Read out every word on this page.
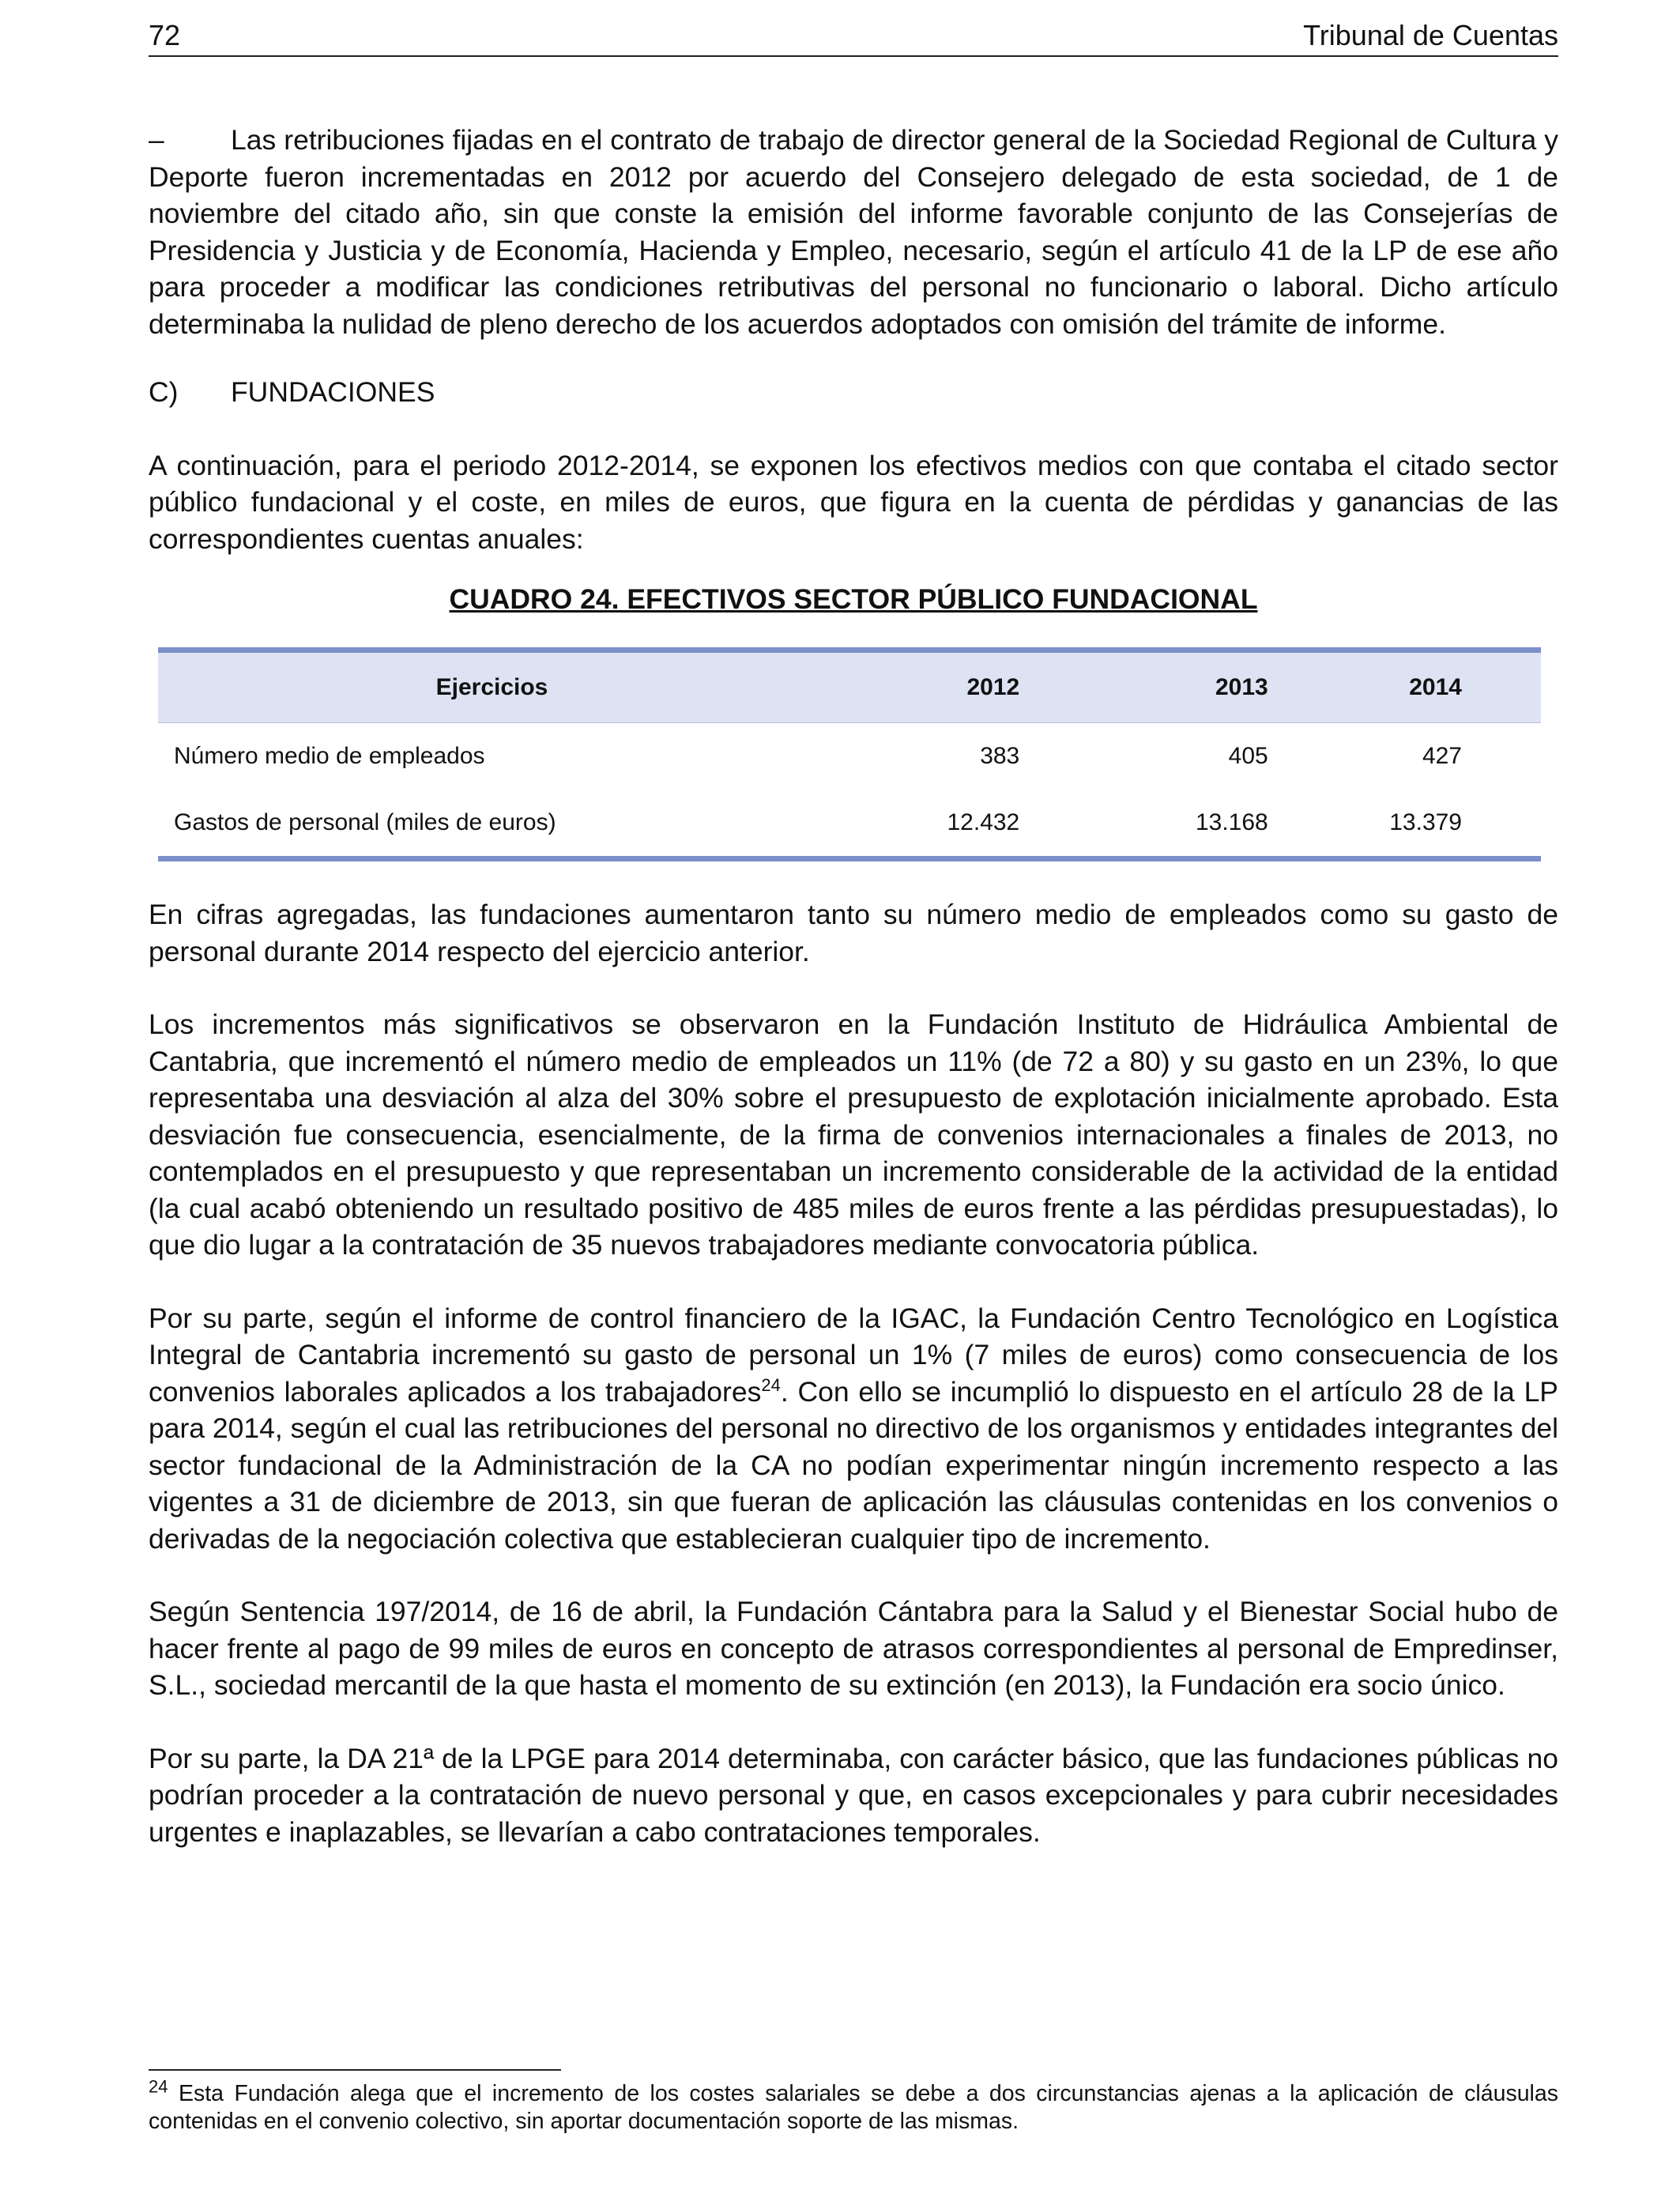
72	Tribunal de Cuentas

– Las retribuciones fijadas en el contrato de trabajo de director general de la Sociedad Regional de Cultura y Deporte fueron incrementadas en 2012 por acuerdo del Consejero delegado de esta sociedad, de 1 de noviembre del citado año, sin que conste la emisión del informe favorable conjunto de las Consejerías de Presidencia y Justicia y de Economía, Hacienda y Empleo, necesario, según el artículo 41 de la LP de ese año para proceder a modificar las condiciones retributivas del personal no funcionario o laboral. Dicho artículo determinaba la nulidad de pleno derecho de los acuerdos adoptados con omisión del trámite de informe.

C) FUNDACIONES

A continuación, para el periodo 2012-2014, se exponen los efectivos medios con que contaba el citado sector público fundacional y el coste, en miles de euros, que figura en la cuenta de pérdidas y ganancias de las correspondientes cuentas anuales:

CUADRO 24. EFECTIVOS SECTOR PÚBLICO FUNDACIONAL
Ejercicios	2012	2013	2014
Número medio de empleados	383	405	427
Gastos de personal (miles de euros)	12.432	13.168	13.379

En cifras agregadas, las fundaciones aumentaron tanto su número medio de empleados como su gasto de personal durante 2014 respecto del ejercicio anterior.

Los incrementos más significativos se observaron en la Fundación Instituto de Hidráulica Ambiental de Cantabria, que incrementó el número medio de empleados un 11% (de 72 a 80) y su gasto en un 23%, lo que representaba una desviación al alza del 30% sobre el presupuesto de explotación inicialmente aprobado. Esta desviación fue consecuencia, esencialmente, de la firma de convenios internacionales a finales de 2013, no contemplados en el presupuesto y que representaban un incremento considerable de la actividad de la entidad (la cual acabó obteniendo un resultado positivo de 485 miles de euros frente a las pérdidas presupuestadas), lo que dio lugar a la contratación de 35 nuevos trabajadores mediante convocatoria pública.

Por su parte, según el informe de control financiero de la IGAC, la Fundación Centro Tecnológico en Logística Integral de Cantabria incrementó su gasto de personal un 1% (7 miles de euros) como consecuencia de los convenios laborales aplicados a los trabajadores$^{24}$. Con ello se incumplió lo dispuesto en el artículo 28 de la LP para 2014, según el cual las retribuciones del personal no directivo de los organismos y entidades integrantes del sector fundacional de la Administración de la CA no podían experimentar ningún incremento respecto a las vigentes a 31 de diciembre de 2013, sin que fueran de aplicación las cláusulas contenidas en los convenios o derivadas de la negociación colectiva que establecieran cualquier tipo de incremento.

Según Sentencia 197/2014, de 16 de abril, la Fundación Cántabra para la Salud y el Bienestar Social hubo de hacer frente al pago de 99 miles de euros en concepto de atrasos correspondientes al personal de Empredinser, S.L., sociedad mercantil de la que hasta el momento de su extinción (en 2013), la Fundación era socio único.

Por su parte, la DA 21ª de la LPGE para 2014 determinaba, con carácter básico, que las fundaciones públicas no podrían proceder a la contratación de nuevo personal y que, en casos excepcionales y para cubrir necesidades urgentes e inaplazables, se llevarían a cabo contrataciones temporales.

$^{24}$ Esta Fundación alega que el incremento de los costes salariales se debe a dos circunstancias ajenas a la aplicación de cláusulas contenidas en el convenio colectivo, sin aportar documentación soporte de las mismas.
